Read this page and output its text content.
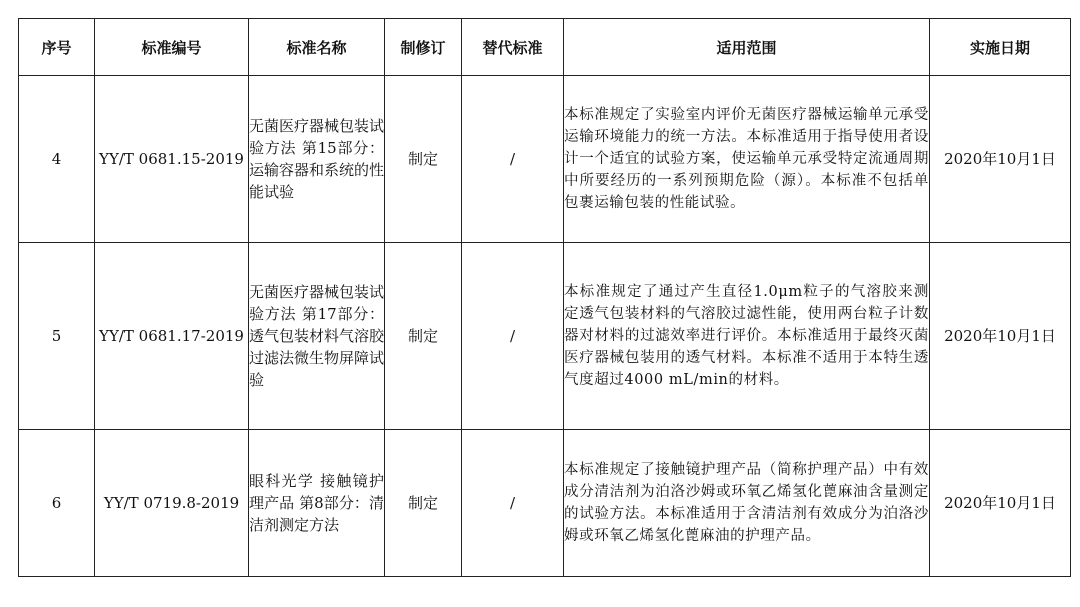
序号	标准编号	标准名称	制修订	替代标准	适用范围	实施日期
4	YY/T 0681.15-2019	无菌医疗器械包装试验方法 第15部分：运输容器和系统的性能试验	制定	/	本标准规定了实验室内评价无菌医疗器械运输单元承受运输环境能力的统一方法。本标准适用于指导使用者设计一个适宜的试验方案，使运输单元承受特定流通周期中所要经历的一系列预期危险（源）。本标准不包括单包裹运输包装的性能试验。	2020年10月1日
5	YY/T 0681.17-2019	无菌医疗器械包装试验方法 第17部分：透气包装材料气溶胶过滤法微生物屏障试验	制定	/	本标准规定了通过产生直径1.0μm粒子的气溶胶来测定透气包装材料的气溶胶过滤性能，使用两台粒子计数器对材料的过滤效率进行评价。本标准适用于最终灭菌医疗器械包装用的透气材料。本标准不适用于本特生透气度超过4000 mL/min的材料。	2020年10月1日
6	YY/T 0719.8-2019	眼科光学 接触镜护理产品 第8部分：清洁剂测定方法	制定	/	本标准规定了接触镜护理产品（简称护理产品）中有效成分清洁剂为泊洛沙姆或环氧乙烯氢化蓖麻油含量测定的试验方法。本标准适用于含清洁剂有效成分为泊洛沙姆或环氧乙烯氢化蓖麻油的护理产品。	2020年10月1日
